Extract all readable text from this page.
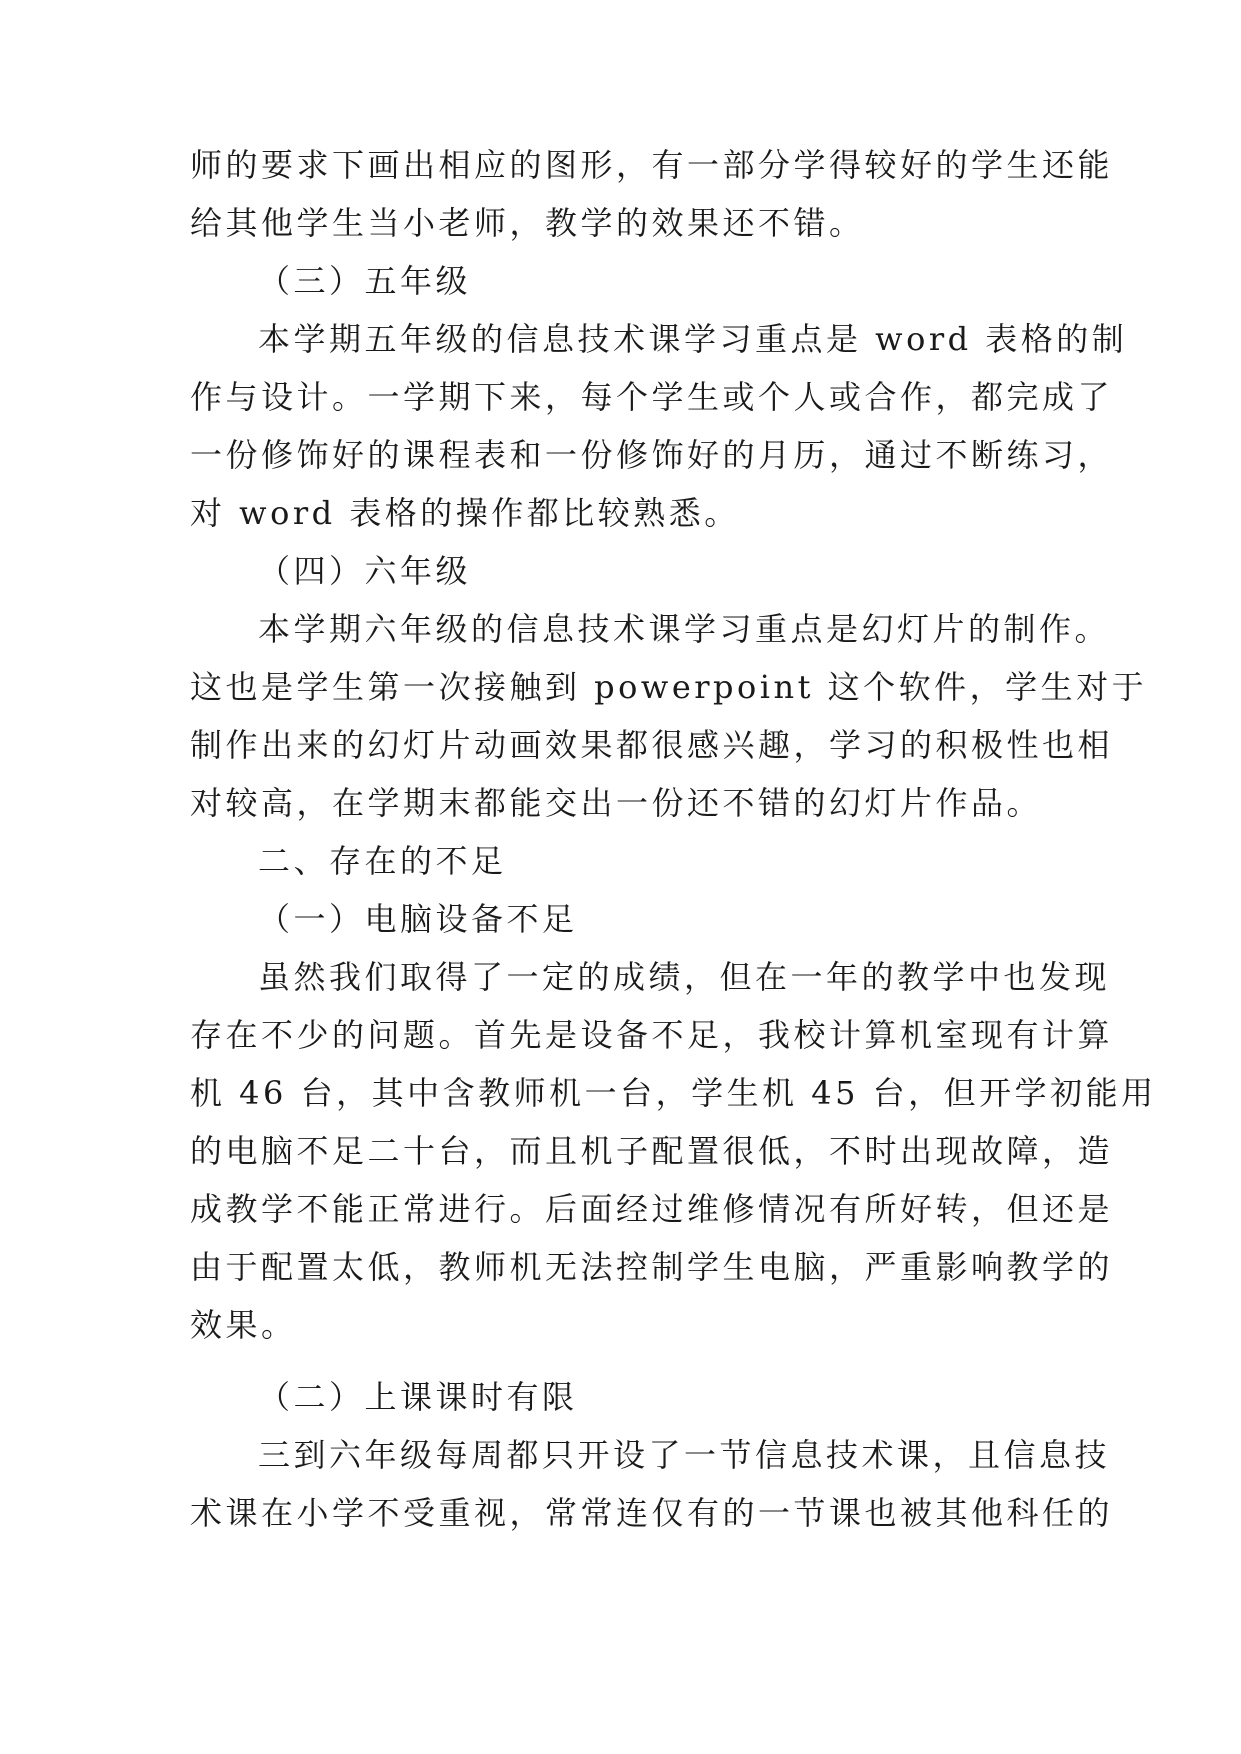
师的要求下画出相应的图形，有一部分学得较好的学生还能
给其他学生当小老师，教学的效果还不错。
（三）五年级
本学期五年级的信息技术课学习重点是 word 表格的制
作与设计。一学期下来，每个学生或个人或合作，都完成了
一份修饰好的课程表和一份修饰好的月历，通过不断练习，
对 word 表格的操作都比较熟悉。
（四）六年级
本学期六年级的信息技术课学习重点是幻灯片的制作。
这也是学生第一次接触到 powerpoint 这个软件，学生对于
制作出来的幻灯片动画效果都很感兴趣，学习的积极性也相
对较高，在学期末都能交出一份还不错的幻灯片作品。
二、存在的不足
（一）电脑设备不足
虽然我们取得了一定的成绩，但在一年的教学中也发现
存在不少的问题。首先是设备不足，我校计算机室现有计算
机 46 台，其中含教师机一台，学生机 45 台，但开学初能用
的电脑不足二十台，而且机子配置很低，不时出现故障，造
成教学不能正常进行。后面经过维修情况有所好转，但还是
由于配置太低，教师机无法控制学生电脑，严重影响教学的
效果。
（二）上课课时有限
三到六年级每周都只开设了一节信息技术课，且信息技
术课在小学不受重视，常常连仅有的一节课也被其他科任的
